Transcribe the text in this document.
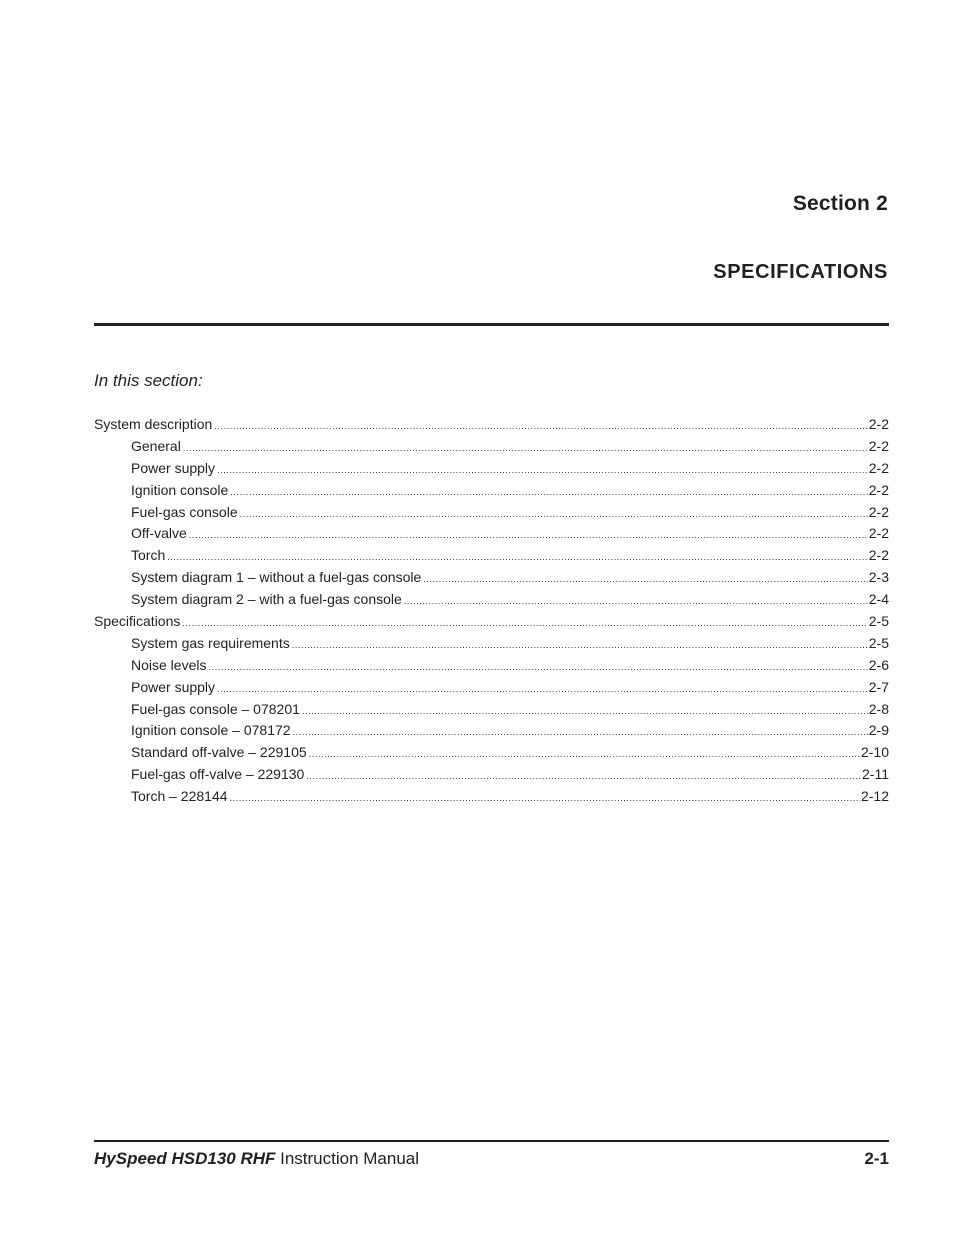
Section 2
SPECIFICATIONS
In this section:
System description .....	2-2
General .....	2-2
Power supply .....	2-2
Ignition console .....	2-2
Fuel-gas console .....	2-2
Off-valve .....	2-2
Torch .....	2-2
System diagram 1 – without a fuel-gas console .....	2-3
System diagram 2 – with a fuel-gas console .....	2-4
Specifications .....	2-5
System gas requirements .....	2-5
Noise levels .....	2-6
Power supply .....	2-7
Fuel-gas console – 078201 .....	2-8
Ignition console – 078172 .....	2-9
Standard off-valve – 229105 .....	2-10
Fuel-gas off-valve – 229130 .....	2-11
Torch – 228144 .....	2-12
HySpeed HSD130 RHF Instruction Manual	2-1
